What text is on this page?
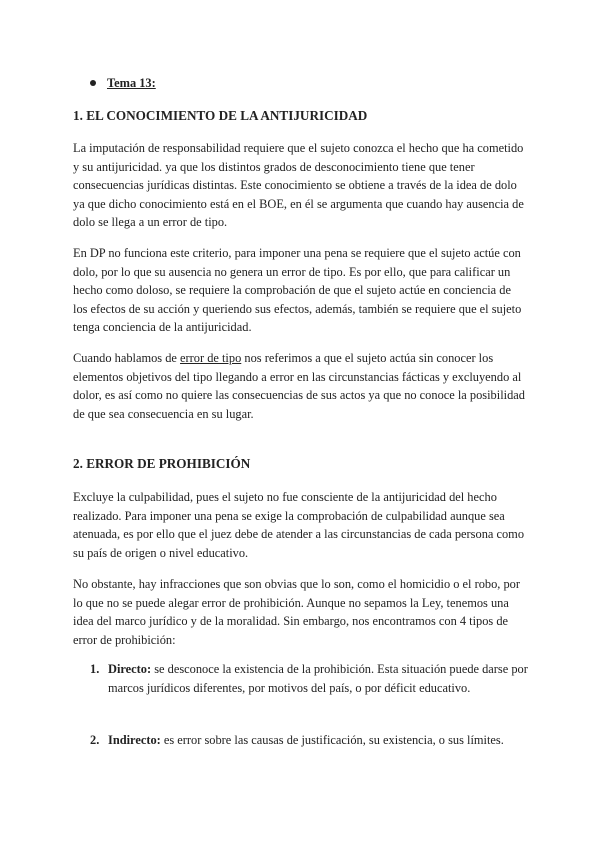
Tema 13:
1. EL CONOCIMIENTO DE LA ANTIJURICIDAD
La imputación de responsabilidad requiere que el sujeto conozca el hecho que ha cometido y su antijuricidad. ya que los distintos grados de desconocimiento tiene que tener consecuencias jurídicas distintas. Este conocimiento se obtiene a través de la idea de dolo ya que dicho conocimiento está en el BOE, en él se argumenta que cuando hay ausencia de dolo se llega a un error de tipo.
En DP no funciona este criterio, para imponer una pena se requiere que el sujeto actúe con dolo, por lo que su ausencia no genera un error de tipo. Es por ello, que para calificar un hecho como doloso, se requiere la comprobación de que el sujeto actúe en conciencia de los efectos de su acción y queriendo sus efectos, además, también se requiere que el sujeto tenga conciencia de la antijuricidad.
Cuando hablamos de error de tipo nos referimos a que el sujeto actúa sin conocer los elementos objetivos del tipo llegando a error en las circunstancias fácticas y excluyendo al dolor, es así como no quiere las consecuencias de sus actos ya que no conoce la posibilidad de que sea consecuencia en su lugar.
2. ERROR DE PROHIBICIÓN
Excluye la culpabilidad, pues el sujeto no fue consciente de la antijuricidad del hecho realizado. Para imponer una pena se exige la comprobación de culpabilidad aunque sea atenuada, es por ello que el juez debe de atender a las circunstancias de cada persona como su país de origen o nivel educativo.
No obstante, hay infracciones que son obvias que lo son, como el homicidio o el robo, por lo que no se puede alegar error de prohibición. Aunque no sepamos la Ley, tenemos una idea del marco jurídico y de la moralidad. Sin embargo, nos encontramos con 4 tipos de error de prohibición:
1. Directo: se desconoce la existencia de la prohibición. Esta situación puede darse por marcos jurídicos diferentes, por motivos del país, o por déficit educativo.
2. Indirecto: es error sobre las causas de justificación, su existencia, o sus límites.
